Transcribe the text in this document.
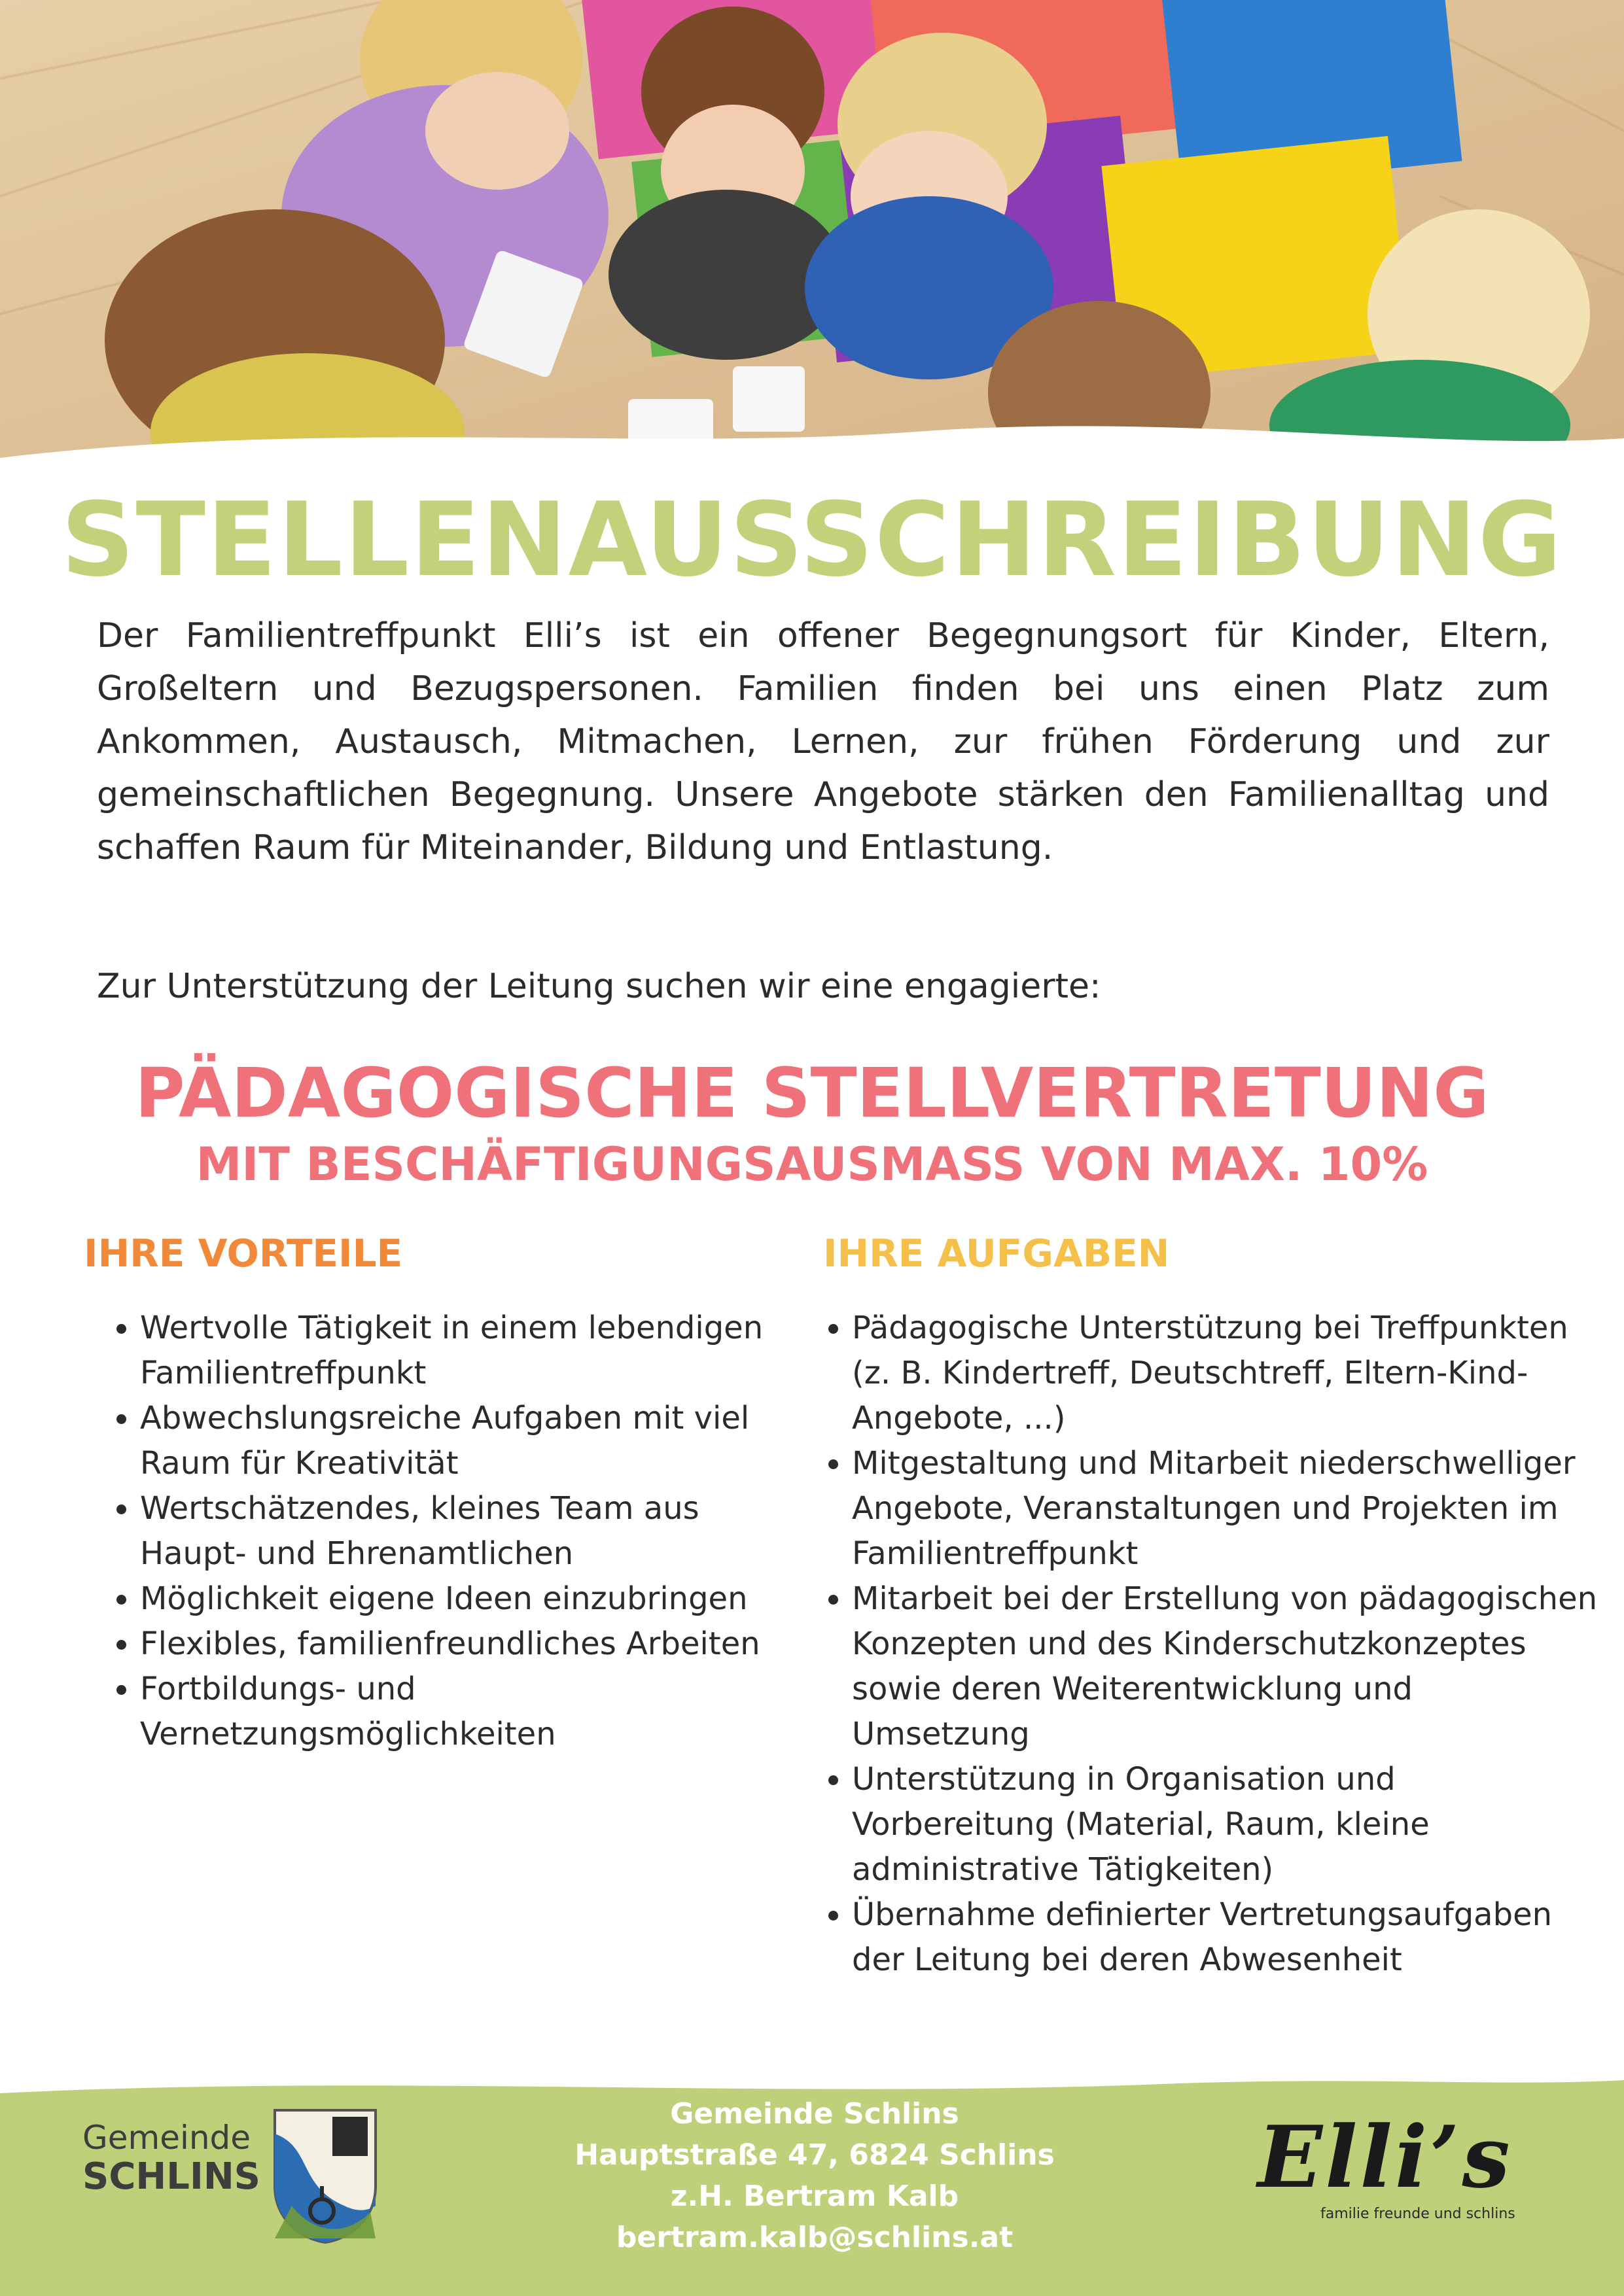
STELLENAUSSCHREIBUNG
Der Familientreffpunkt Elli’s ist ein offener Begegnungsort für Kinder, Eltern, Großeltern und Bezugspersonen. Familien finden bei uns einen Platz zum Ankommen, Austausch, Mitmachen, Lernen, zur frühen Förderung und zur gemeinschaftlichen Begegnung. Unsere Angebote stärken den Familienalltag und schaffen Raum für Miteinander, Bildung und Entlastung.
Zur Unterstützung der Leitung suchen wir eine engagierte:
PÄDAGOGISCHE STELLVERTRETUNG
MIT BESCHÄFTIGUNGSAUSMASS VON MAX. 10%
IHRE VORTEILE
• Wertvolle Tätigkeit in einem lebendigen Familientreffpunkt
• Abwechslungsreiche Aufgaben mit viel Raum für Kreativität
• Wertschätzendes, kleines Team aus Haupt- und Ehrenamtlichen
• Möglichkeit eigene Ideen einzubringen
• Flexibles, familienfreundliches Arbeiten
• Fortbildungs- und Vernetzungsmöglichkeiten
IHRE AUFGABEN
• Pädagogische Unterstützung bei Treffpunkten (z. B. Kindertreff, Deutschtreff, Eltern-Kind-Angebote, ...)
• Mitgestaltung und Mitarbeit niederschwelliger Angebote, Veranstaltungen und Projekten im Familientreffpunkt
• Mitarbeit bei der Erstellung von pädagogischen Konzepten und des Kinderschutzkonzeptes sowie deren Weiterentwicklung und Umsetzung
• Unterstützung in Organisation und Vorbereitung (Material, Raum, kleine administrative Tätigkeiten)
• Übernahme definierter Vertretungsaufgaben der Leitung bei deren Abwesenheit
Gemeinde
SCHLINS
Gemeinde Schlins
Hauptstraße 47, 6824 Schlins
z.H. Bertram Kalb
bertram.kalb@schlins.at
Elli’s
familie freunde und schlins
